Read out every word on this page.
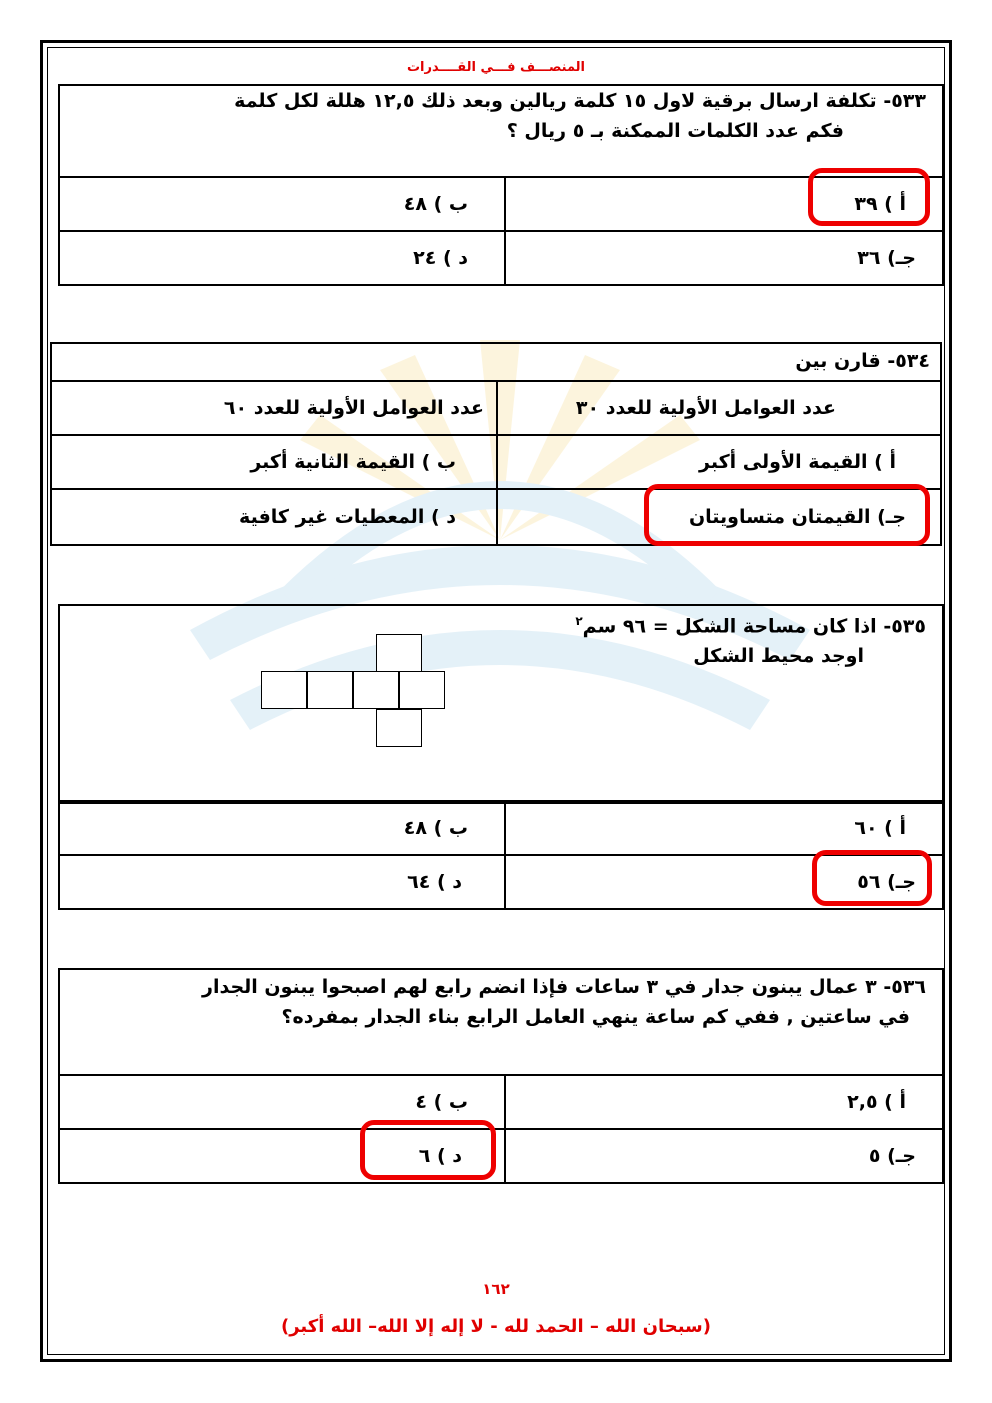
المنصـــف فـــي القــــدرات
٥٣٣- تكلفة ارسال برقية لاول ١٥ كلمة ريالين وبعد ذلك ١٢,٥ هللة لكل كلمة
فكم عدد الكلمات الممكنة بـ ٥ ريال ؟
أ ) ٣٩
ب ) ٤٨
جـ) ٣٦
د ) ٢٤
٥٣٤-

قارن بين
عدد العوامل الأولية للعدد ٣٠
عدد العوامل الأولية للعدد ٦٠
أ ) القيمة الأولى أكبر
ب ) القيمة الثانية أكبر
جـ) القيمتان متساويتان
د ) المعطيات غير كافية
٥٣٥- اذا كان مساحة الشكل = ٩٦ سم$^٢$
اوجد محيط الشكل
أ ) ٦٠
ب ) ٤٨
جـ) ٥٦
د ) ٦٤
٥٣٦- ٣ عمال يبنون جدار في ٣ ساعات فإذا انضم رابع لهم اصبحوا يبنون الجدار
في ساعتين , ففي كم ساعة ينهي العامل الرابع بناء الجدار بمفرده؟
أ ) ٢,٥
ب ) ٤
جـ) ٥
د ) ٦
١٦٢
(سبحان الله – الحمد لله - لا إله إلا الله– الله أكبر)
